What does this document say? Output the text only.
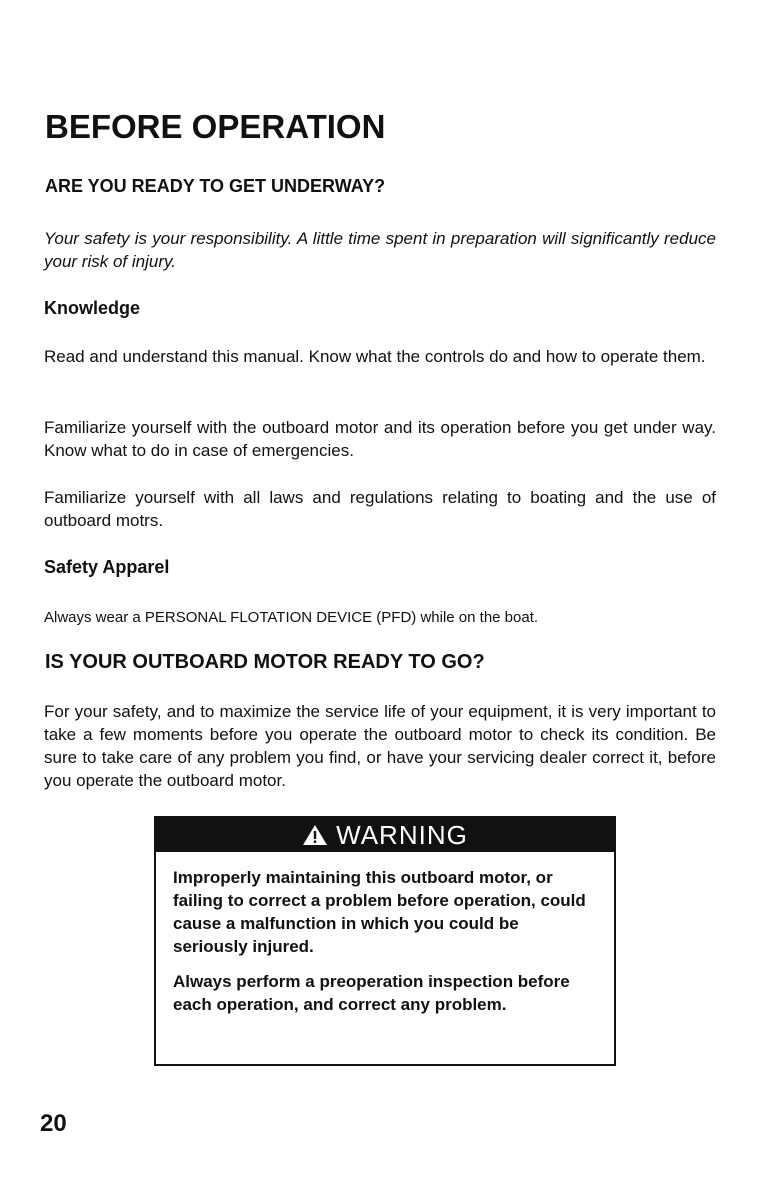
BEFORE OPERATION
ARE YOU READY TO GET UNDERWAY?

Your safety is your responsibility. A little time spent in preparation will significantly reduce your risk of injury.

Knowledge

Read and understand this manual. Know what the controls do and how to operate them.

Familiarize yourself with the outboard motor and its operation before you get under way. Know what to do in case of emergencies.

Familiarize yourself with all laws and regulations relating to boating and the use of outboard motrs.

Safety Apparel

Always wear a PERSONAL FLOTATION DEVICE (PFD) while on the boat.

IS YOUR OUTBOARD MOTOR READY TO GO?

For your safety, and to maximize the service life of your equipment, it is very important to take a few moments before you operate the outboard motor to check its condition. Be sure to take care of any problem you find, or have your servicing dealer correct it, before you operate the outboard motor.

WARNING

Improperly maintaining this outboard motor, or failing to correct a problem before operation, could cause a malfunction in which you could be seriously injured.

Always perform a preoperation inspection before each operation, and correct any problem.

20
